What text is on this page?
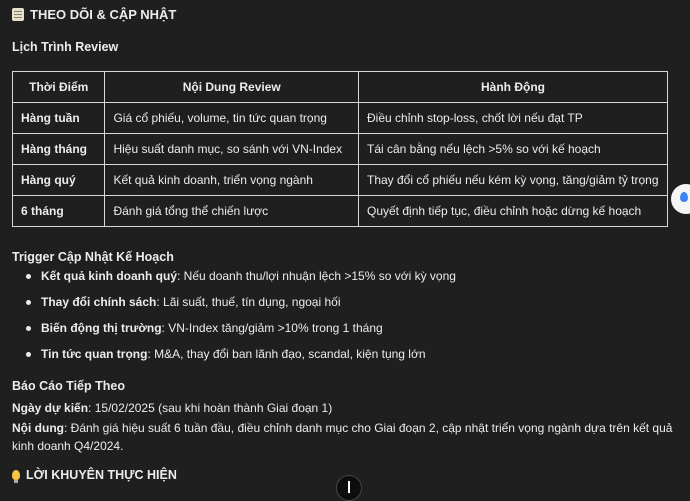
THEO DÕI & CẬP NHẬT
Lịch Trình Review
Thời Điểm	Nội Dung Review	Hành Động
Hàng tuần	Giá cổ phiếu, volume, tin tức quan trọng	Điều chỉnh stop-loss, chốt lời nếu đạt TP
Hàng tháng	Hiệu suất danh mục, so sánh với VN-Index	Tái cân bằng nếu lệch >5% so với kế hoạch
Hàng quý	Kết quả kinh doanh, triển vọng ngành	Thay đổi cổ phiếu nếu kém kỳ vọng, tăng/giảm tỷ trọng
6 tháng	Đánh giá tổng thể chiến lược	Quyết định tiếp tục, điều chỉnh hoặc dừng kế hoạch
Trigger Cập Nhật Kế Hoạch
Kết quả kinh doanh quý: Nếu doanh thu/lợi nhuận lệch >15% so với kỳ vọng
Thay đổi chính sách: Lãi suất, thuế, tín dụng, ngoại hối
Biến động thị trường: VN-Index tăng/giảm >10% trong 1 tháng
Tin tức quan trọng: M&A, thay đổi ban lãnh đạo, scandal, kiện tụng lớn
Báo Cáo Tiếp Theo
Ngày dự kiến: 15/02/2025 (sau khi hoàn thành Giai đoạn 1)
Nội dung: Đánh giá hiệu suất 6 tuần đầu, điều chỉnh danh mục cho Giai đoạn 2, cập nhật triển vọng ngành dựa trên kết quả
kinh doanh Q4/2024.
LỜI KHUYÊN THỰC HIỆN
